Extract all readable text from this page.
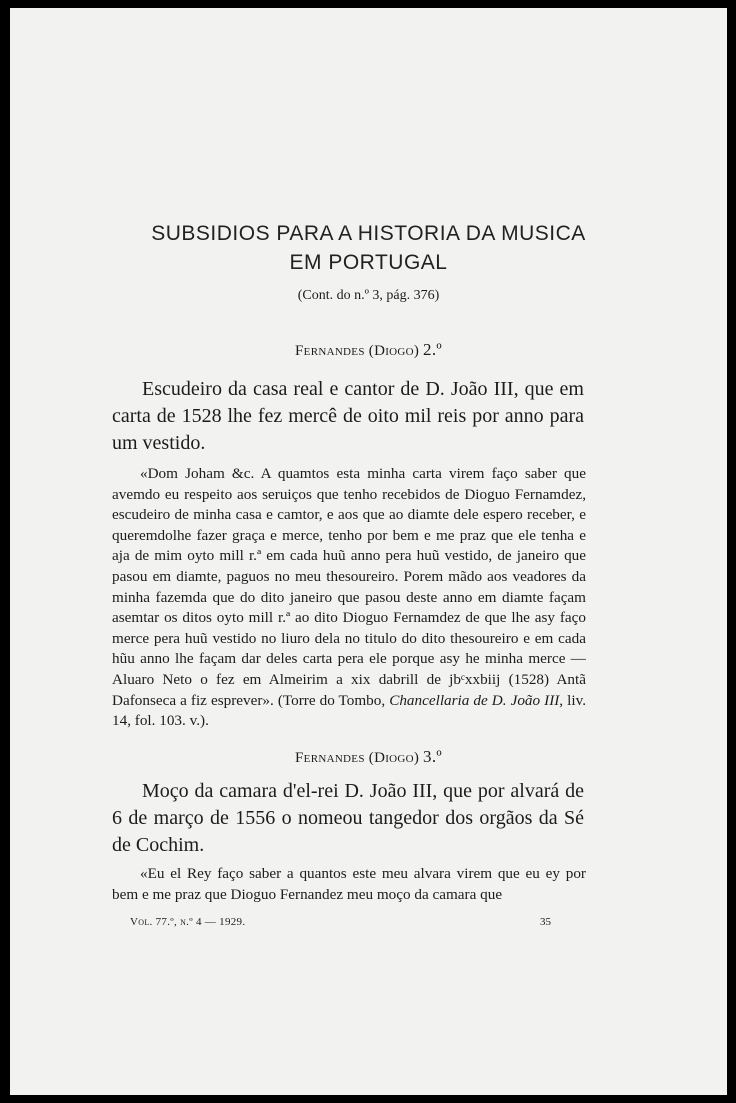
SUBSIDIOS PARA A HISTORIA DA MUSICA
EM PORTUGAL
(Cont. do n.º 3, pág. 376)
Fernandes (Diogo) 2.º

Escudeiro da casa real e cantor de D. João III, que em carta de 1528 lhe fez mercê de oito mil reis por anno para um vestido.

«Dom Joham &c. A quamtos esta minha carta virem faço saber que avemdo eu respeito aos seruiços que tenho recebidos de Dioguo Fernamdez, escudeiro de minha casa e camtor, e aos que ao diamte dele espero receber, e queremdolhe fazer graça e merce, tenho por bem e me praz que ele tenha e aja de mim oyto mill r.ª em cada huũ anno pera huũ vestido, de janeiro que pasou em diamte, paguos no meu thesoureiro. Porem mãdo aos veadores da minha fazemda que do dito janeiro que pasou deste anno em diamte façam asemtar os ditos oyto mill r.ª ao dito Dioguo Fernamdez de que lhe asy faço merce pera huũ vestido no liuro dela no titulo do dito thesoureiro e em cada hũu anno lhe façam dar deles carta pera ele porque asy he minha merce — Aluaro Neto o fez em Almeirim a xix dabrill de jbᶜxxbiij (1528) Antã Dafonseca a fiz esprever». (Torre do Tombo, Chancellaria de D. João III, liv. 14, fol. 103. v.).

Fernandes (Diogo) 3.º

Moço da camara d'el-rei D. João III, que por alvará de 6 de março de 1556 o nomeou tangedor dos orgãos da Sé de Cochim.

«Eu el Rey faço saber a quantos este meu alvara virem que eu ey por bem e me praz que Dioguo Fernandez meu moço da camara que

Vol. 77.º, n.º 4 — 1929.	35
